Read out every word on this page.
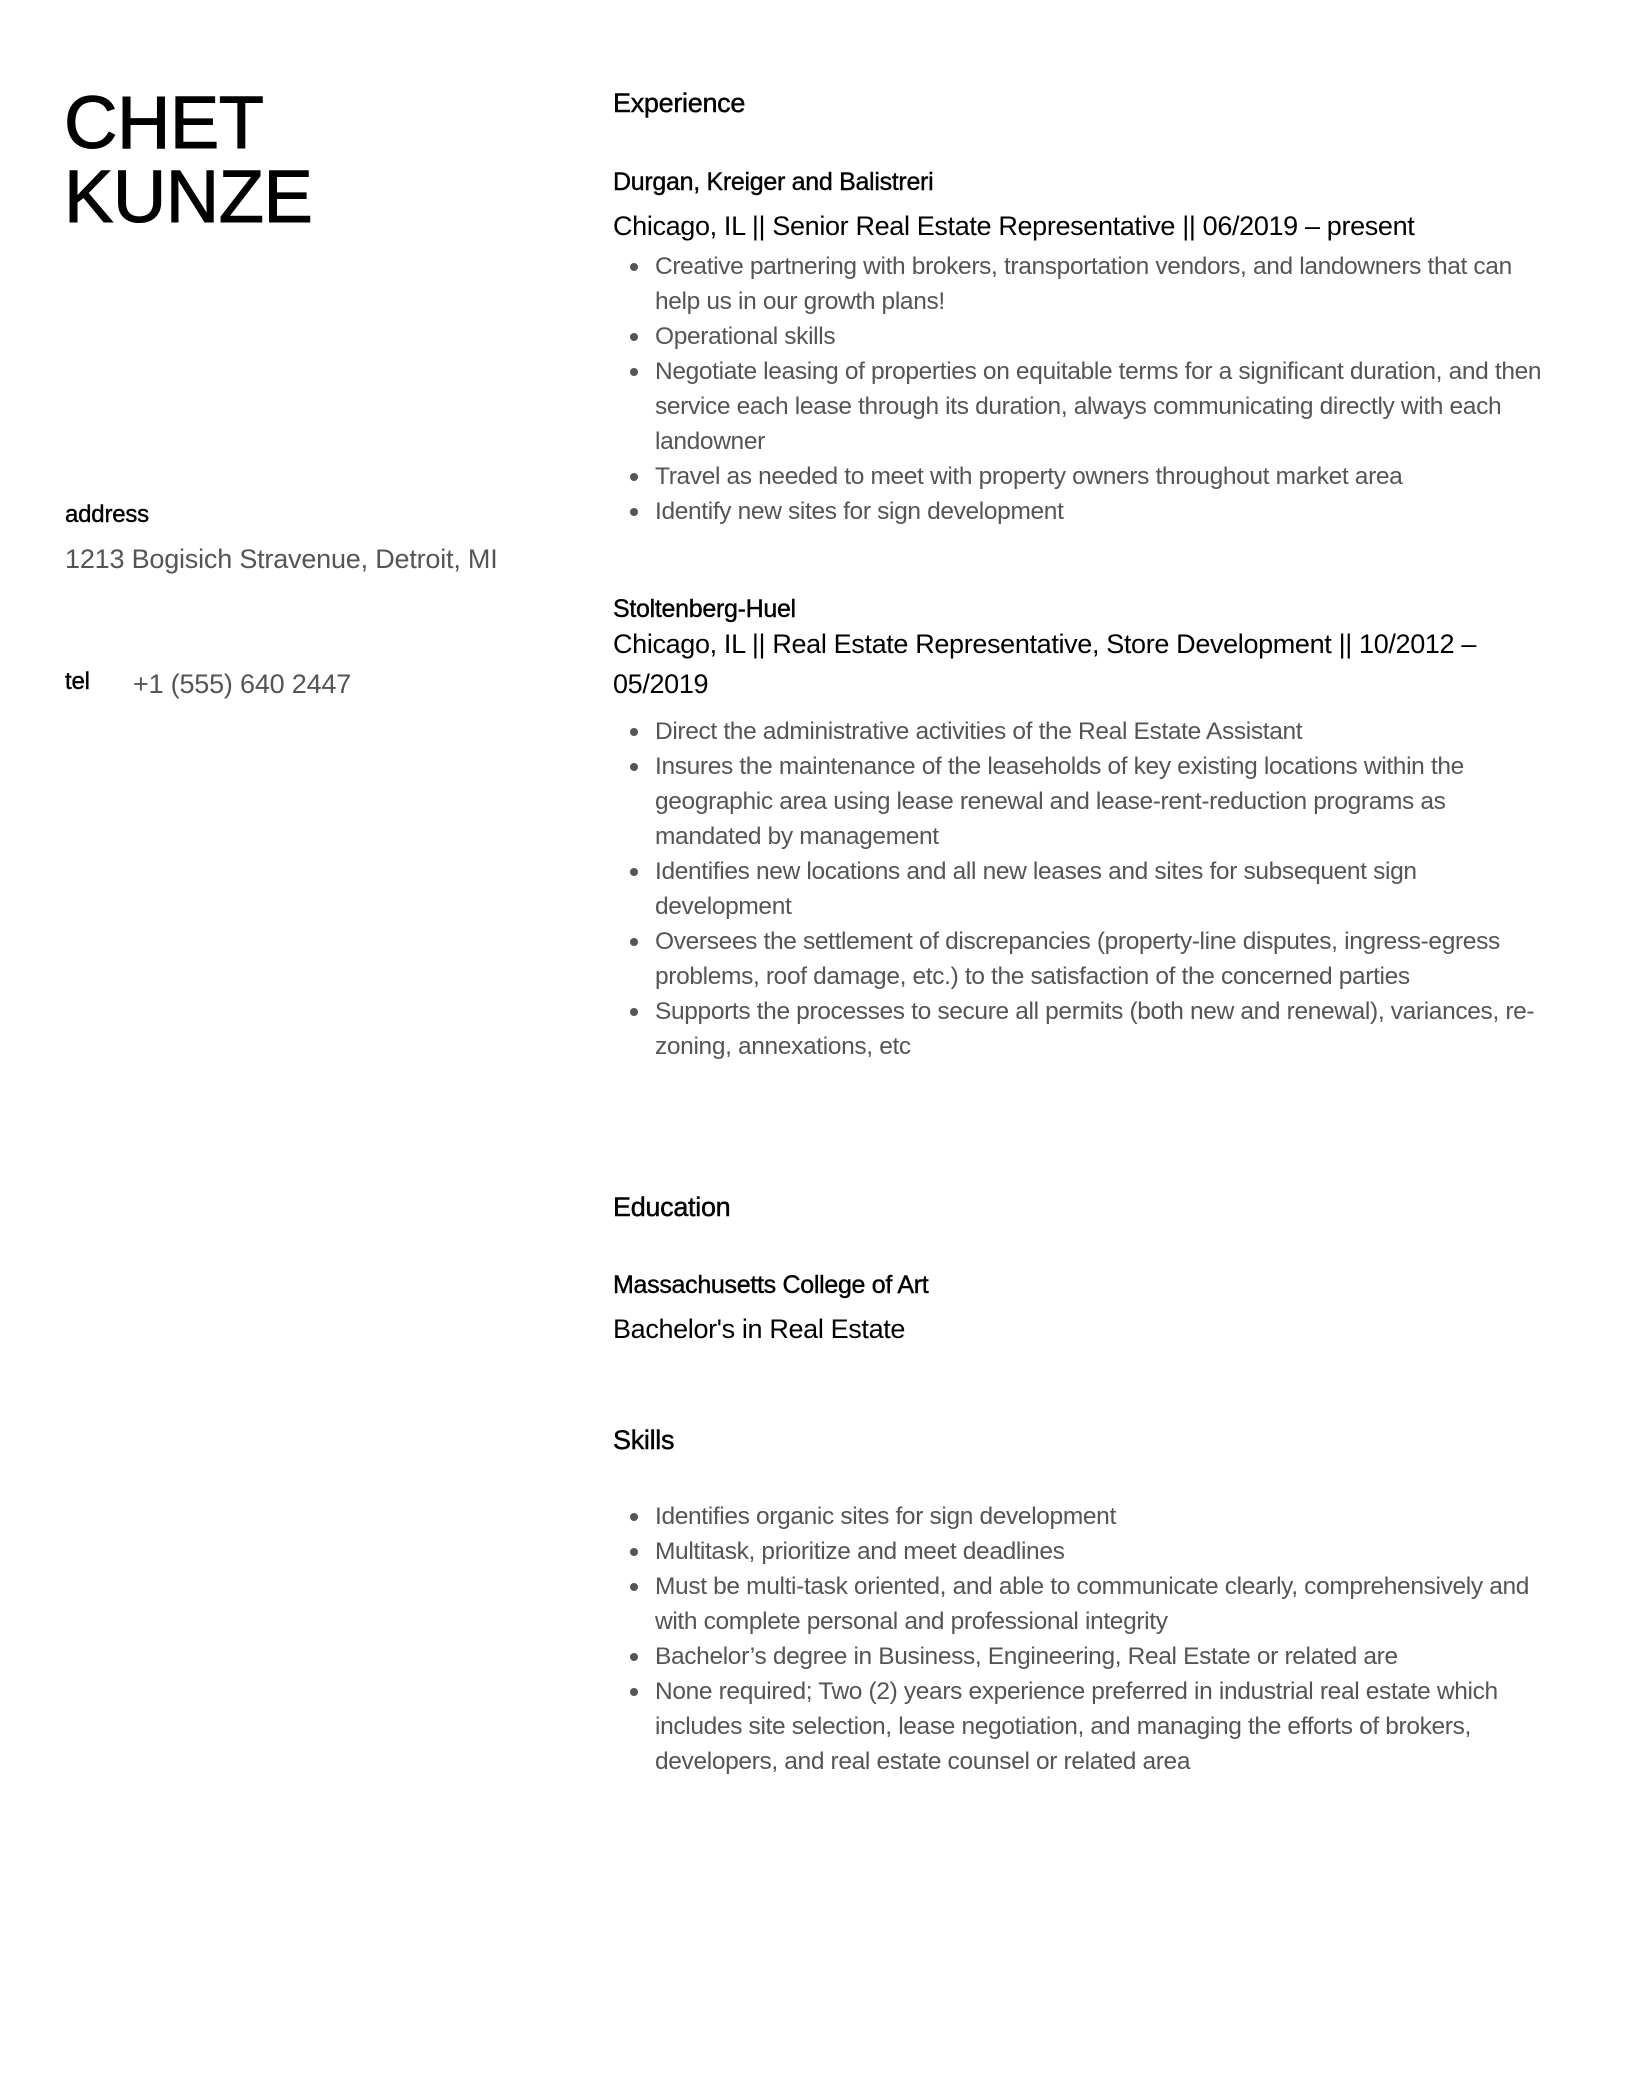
CHET
KUNZE
address
1213 Bogisich Stravenue, Detroit, MI
tel +1 (555) 640 2447
Experience
Durgan, Kreiger and Balistreri
Chicago, IL || Senior Real Estate Representative || 06/2019 – present
Creative partnering with brokers, transportation vendors, and landowners that can help us in our growth plans!
Operational skills
Negotiate leasing of properties on equitable terms for a significant duration, and then service each lease through its duration, always communicating directly with each landowner
Travel as needed to meet with property owners throughout market area
Identify new sites for sign development
Stoltenberg-Huel
Chicago, IL || Real Estate Representative, Store Development || 10/2012 – 05/2019
Direct the administrative activities of the Real Estate Assistant
Insures the maintenance of the leaseholds of key existing locations within the geographic area using lease renewal and lease-rent-reduction programs as mandated by management
Identifies new locations and all new leases and sites for subsequent sign development
Oversees the settlement of discrepancies (property-line disputes, ingress-egress problems, roof damage, etc.) to the satisfaction of the concerned parties
Supports the processes to secure all permits (both new and renewal), variances, re-zoning, annexations, etc
Education
Massachusetts College of Art
Bachelor's in Real Estate
Skills
Identifies organic sites for sign development
Multitask, prioritize and meet deadlines
Must be multi-task oriented, and able to communicate clearly, comprehensively and with complete personal and professional integrity
Bachelor’s degree in Business, Engineering, Real Estate or related are
None required; Two (2) years experience preferred in industrial real estate which includes site selection, lease negotiation, and managing the efforts of brokers, developers, and real estate counsel or related area
